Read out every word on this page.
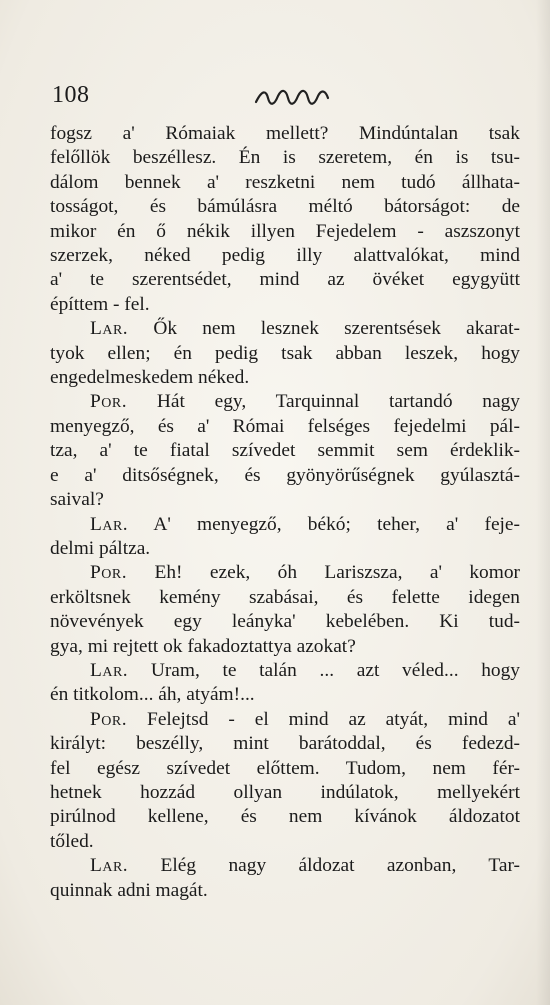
108
fogsz a' Rómaiak mellett? Mindúntalan tsak
felőllök beszéllesz. Én is szeretem, én is tsu-
dálom bennek a' reszketni nem tudó állhata-
tosságot, és bámúlásra méltó bátorságot: de
mikor én ő nékik illyen Fejedelem - aszszonyt
szerzek, néked pedig illy alattvalókat, mind
a' te szerentsédet, mind az övéket egygyütt
építtem - fel.
Lar. Ők nem lesznek szerentsések akarat-
tyok ellen; én pedig tsak abban leszek, hogy
engedelmeskedem néked.
Por. Hát egy, Tarquinnal tartandó nagy
menyegző, és a' Római felséges fejedelmi pál-
tza, a' te fiatal szívedet semmit sem érdeklik-
e a' ditsőségnek, és gyönyörűségnek gyúlasztá-
saival?
Lar. A' menyegző, békó; teher, a' feje-
delmi páltza.
Por. Eh! ezek, óh Lariszsza, a' komor
erköltsnek kemény szabásai, és felette idegen
növevények egy leányka' kebelében. Ki tud-
gya, mi rejtett ok fakadoztattya azokat?
Lar. Uram, te talán ... azt véled... hogy
én titkolom... áh, atyám!...
Por. Felejtsd - el mind az atyát, mind a'
királyt: beszélly, mint barátoddal, és fedezd-
fel egész szívedet előttem. Tudom, nem fér-
hetnek hozzád ollyan indúlatok, mellyekért
pirúlnod kellene, és nem kívánok áldozatot
tőled.
Lar. Elég nagy áldozat azonban, Tar-
quinnak adni magát.
